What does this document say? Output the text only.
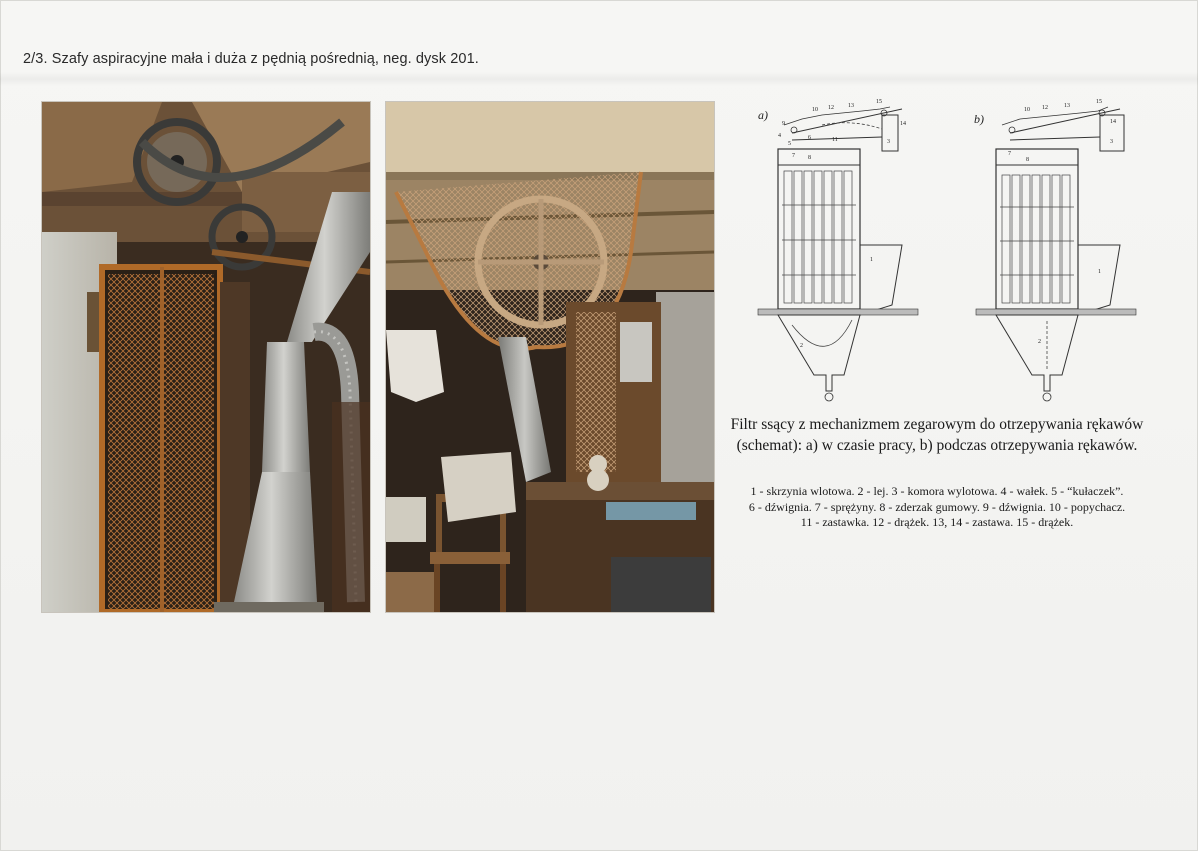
2/3. Szafy aspiracyjne mała i duża z pędnią pośrednią, neg. dysk 201.
a)
1
2
10 12 13
15
14
3
9
4	6
7 8
5
11
b)
1
2
10 12	13
15
14
3
7
8
Filtr ssący z mechanizmem zegarowym do otrzepywania rękawów
(schemat): a) w czasie pracy, b) podczas otrzepywania rękawów.
1 - skrzynia wlotowa. 2 - lej. 3 - komora wylotowa. 4 - wałek. 5 - “kułaczek”.
6 - dźwignia. 7 - sprężyny. 8 - zderzak gumowy. 9 - dźwignia. 10 - popychacz.
11 - zastawka. 12 - drążek. 13, 14 - zastawa. 15 - drążek.
